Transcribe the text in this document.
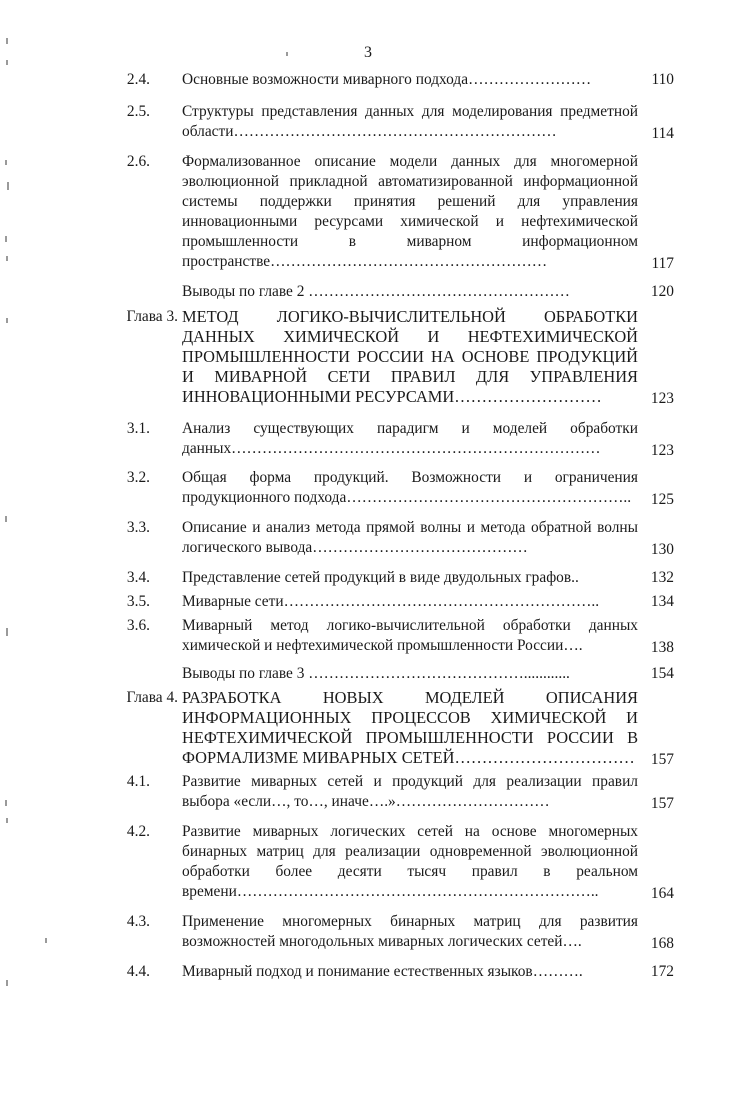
3
2.4. Основные возможности миварного подхода……………………	110
2.5. Структуры представления данных для моделирования предметной области………………………………………………………	114
2.6. Формализованное описание модели данных для многомерной эволюционной прикладной автоматизированной информационной системы поддержки принятия решений для управления инновационными ресурсами химической и нефтехимической промышленности в миварном информационном пространстве………………………………………………	117
Выводы по главе 2 ……………………………………………	120
Глава 3. МЕТОД ЛОГИКО-ВЫЧИСЛИТЕЛЬНОЙ ОБРАБОТКИ ДАННЫХ ХИМИЧЕСКОЙ И НЕФТЕХИМИЧЕСКОЙ ПРОМЫШЛЕННОСТИ РОССИИ НА ОСНОВЕ ПРОДУКЦИЙ И МИВАРНОЙ СЕТИ ПРАВИЛ ДЛЯ УПРАВЛЕНИЯ ИННОВАЦИОННЫМИ РЕСУРСАМИ………………………	123
3.1. Анализ существующих парадигм и моделей обработки данных………………………………………………………………	123
3.2. Общая форма продукций. Возможности и ограничения продукционного подхода………………………………………………..	125
3.3. Описание и анализ метода прямой волны и метода обратной волны логического вывода……………………………………	130
3.4. Представление сетей продукций в виде двудольных графов..	132
3.5. Миварные сети……………………………………………………..	134
3.6. Миварный метод логико-вычислительной обработки данных химической и нефтехимической промышленности России….	138
Выводы по главе 3 ……………………………………............	154
Глава 4. РАЗРАБОТКА НОВЫХ МОДЕЛЕЙ ОПИСАНИЯ ИНФОРМАЦИОННЫХ ПРОЦЕССОВ ХИМИЧЕСКОЙ И НЕФТЕХИМИЧЕСКОЙ ПРОМЫШЛЕННОСТИ РОССИИ В ФОРМАЛИЗМЕ МИВАРНЫХ СЕТЕЙ……………………………	157
4.1. Развитие миварных сетей и продукций для реализации правил выбора «если…, то…, иначе….»…………………………	157
4.2. Развитие миварных логических сетей на основе многомерных бинарных матриц для реализации одновременной эволюционной обработки более десяти тысяч правил в реальном времени……………………………………………………………..	164
4.3. Применение многомерных бинарных матриц для развития возможностей многодольных миварных логических сетей….	168
4.4. Миварный подход и понимание естественных языков……….	172
